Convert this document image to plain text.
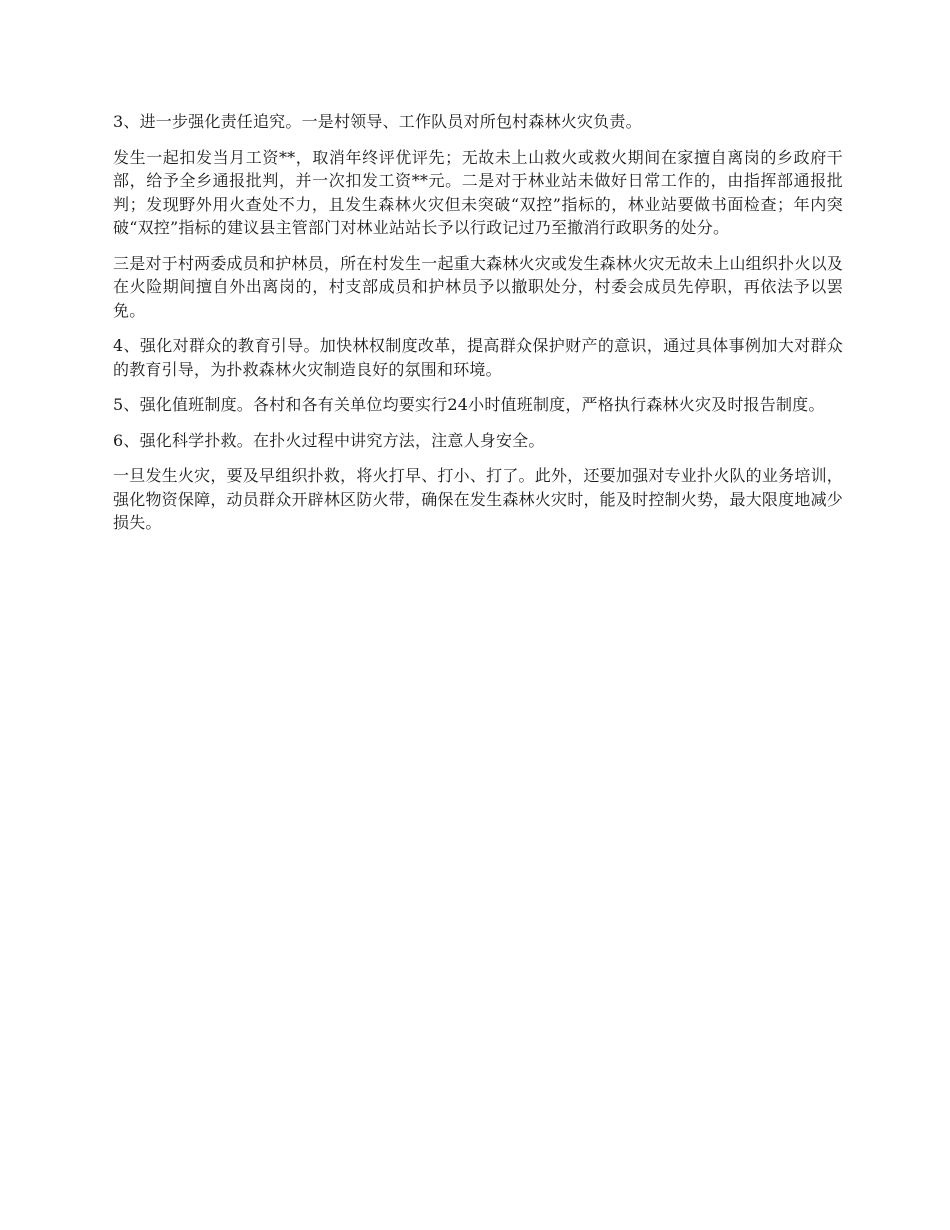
3、进一步强化责任追究。一是村领导、工作队员对所包村森林火灾负责。

发生一起扣发当月工资**，取消年终评优评先；无故未上山救火或救火期间在家擅自离岗的乡政府干部，给予全乡通报批判，并一次扣发工资**元。二是对于林业站未做好日常工作的，由指挥部通报批判；发现野外用火查处不力，且发生森林火灾但未突破“双控”指标的，林业站要做书面检查；年内突破“双控”指标的建议县主管部门对林业站站长予以行政记过乃至撤消行政职务的处分。

三是对于村两委成员和护林员，所在村发生一起重大森林火灾或发生森林火灾无故未上山组织扑火以及在火险期间擅自外出离岗的，村支部成员和护林员予以撤职处分，村委会成员先停职，再依法予以罢免。

4、强化对群众的教育引导。加快林权制度改革，提高群众保护财产的意识，通过具体事例加大对群众的教育引导，为扑救森林火灾制造良好的氛围和环境。

5、强化值班制度。各村和各有关单位均要实行24小时值班制度，严格执行森林火灾及时报告制度。

6、强化科学扑救。在扑火过程中讲究方法，注意人身安全。

一旦发生火灾，要及早组织扑救，将火打早、打小、打了。此外，还要加强对专业扑火队的业务培训，强化物资保障，动员群众开辟林区防火带，确保在发生森林火灾时，能及时控制火势，最大限度地减少损失。
